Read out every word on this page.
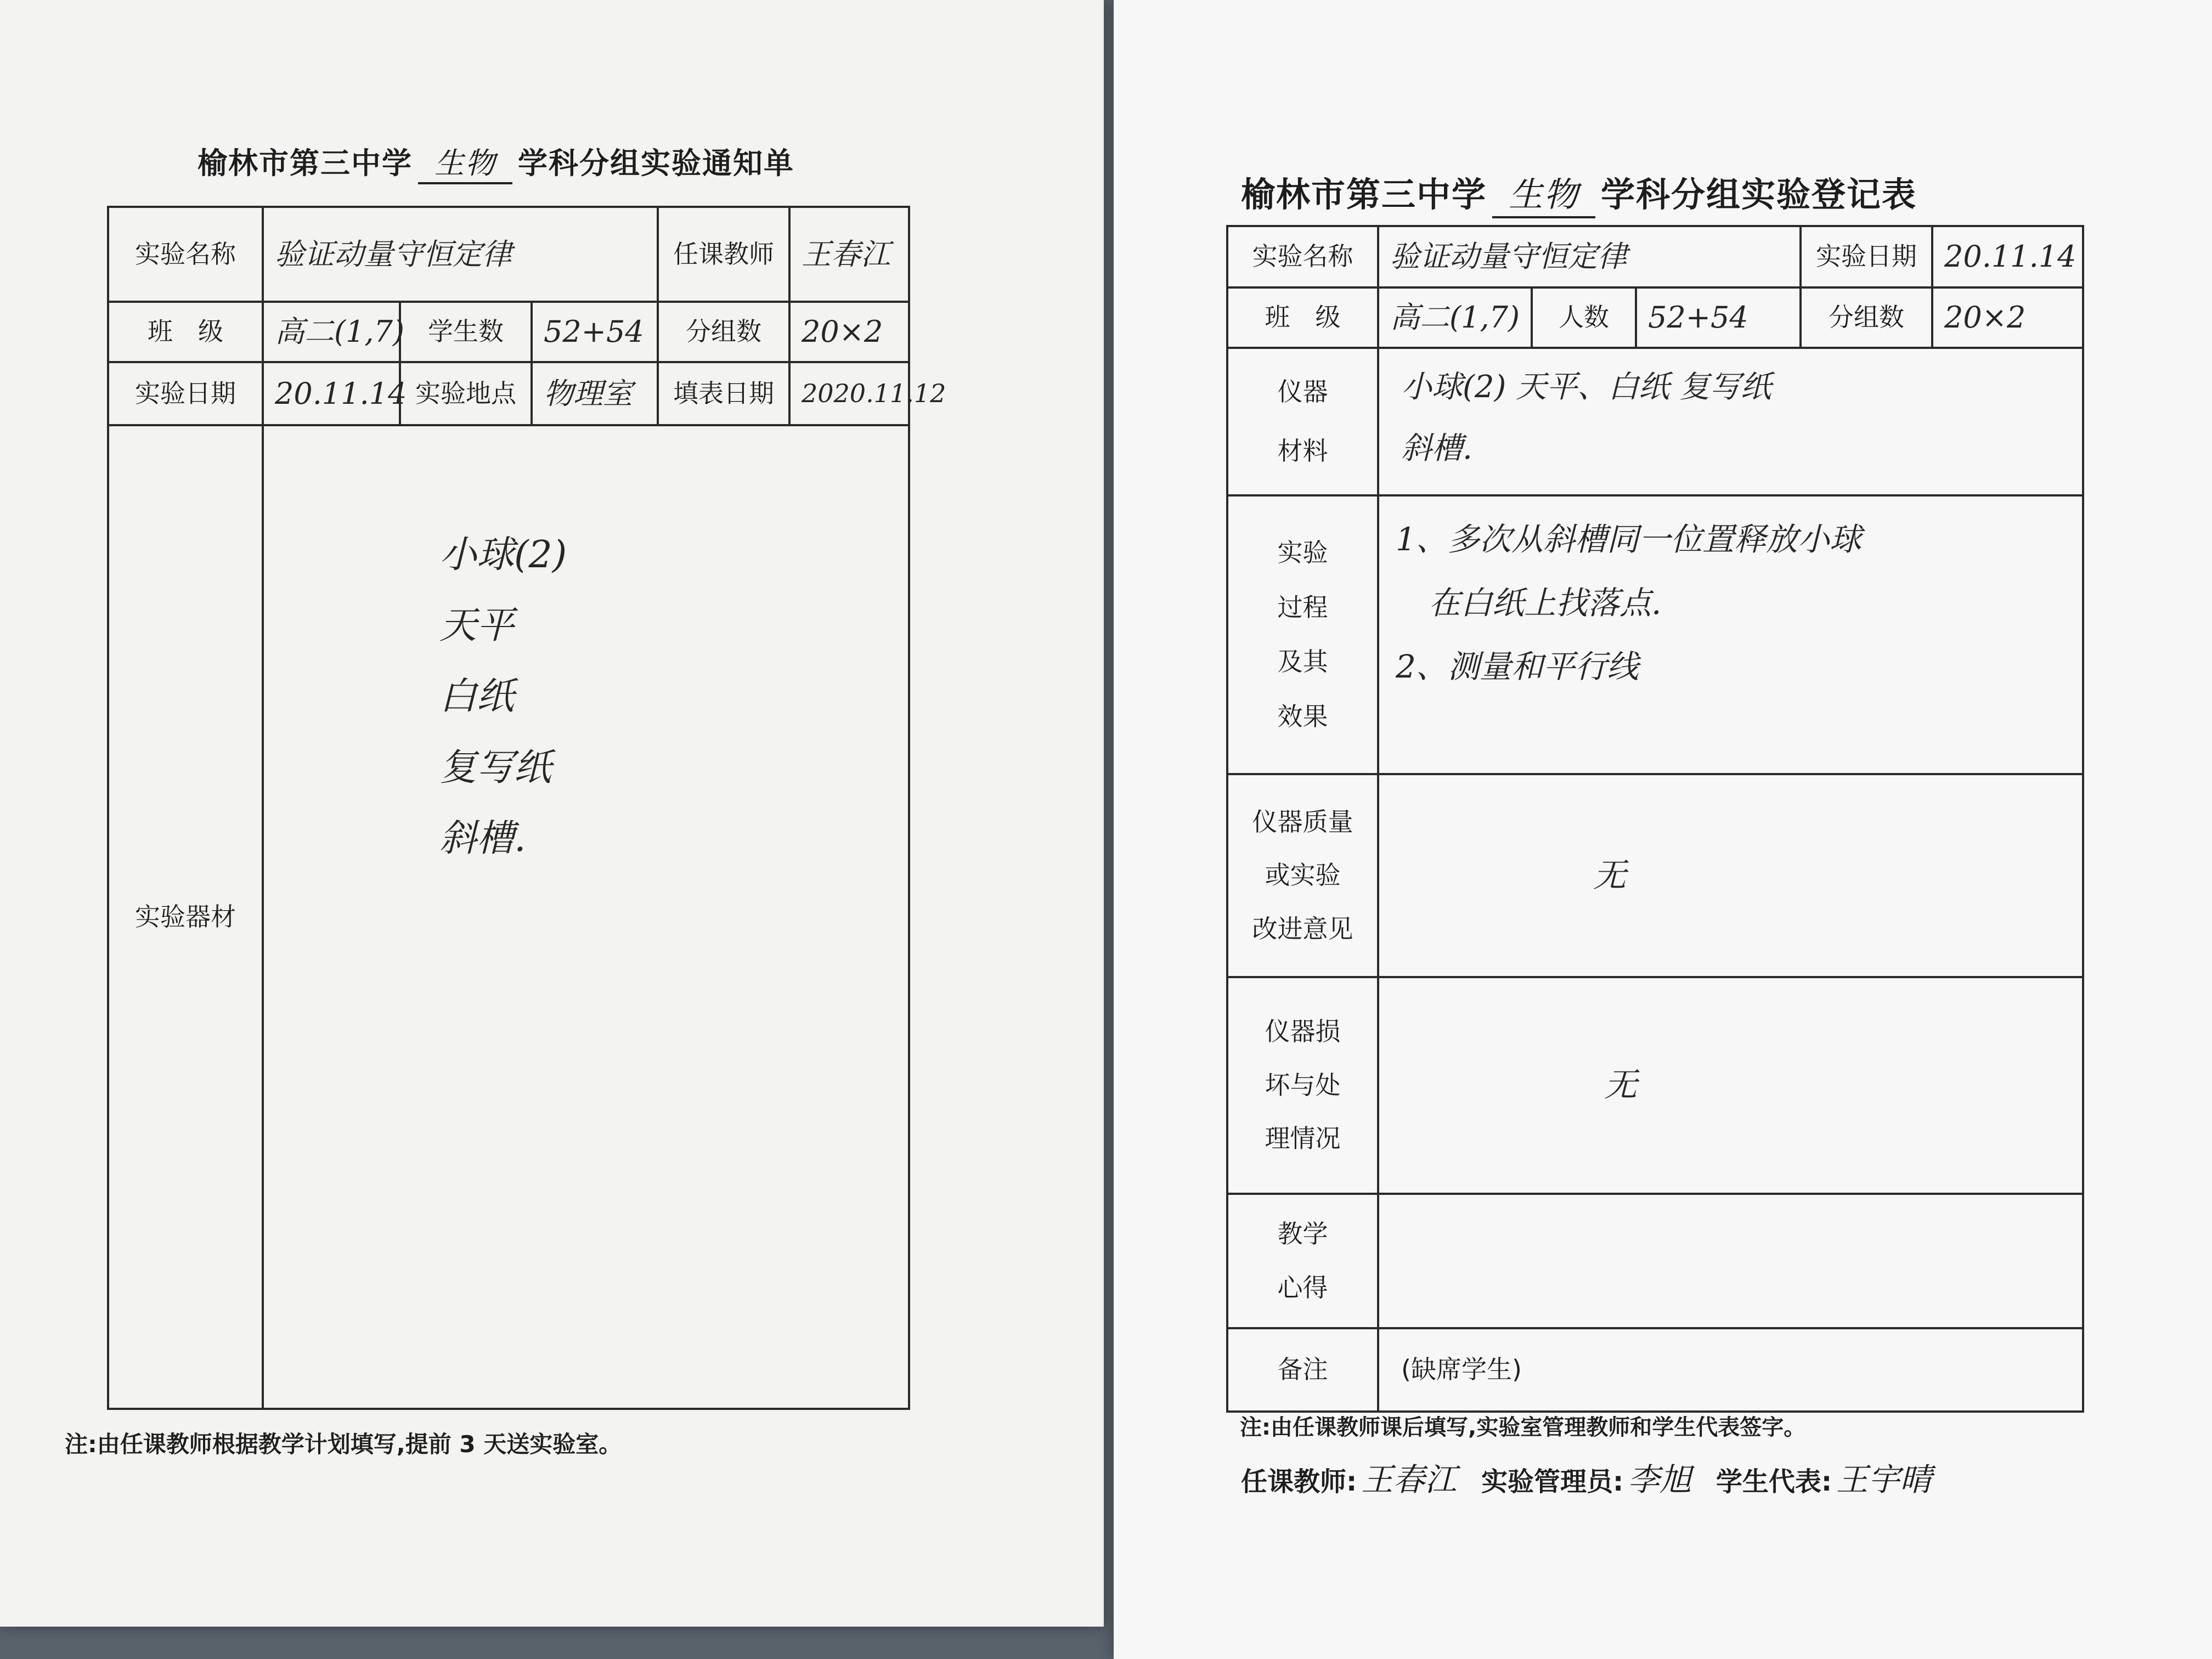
榆林市第三中学 生物 学科分组实验通知单
实验名称	验证动量守恒定律			任课教师	王春江
班　级	高二(1,7)	学生数	52+54	分组数	20×2
实验日期	20.11.14	实验地点	物理室	填表日期	2020.11.12
实验器材	小球(2)
天平
白纸
复写纸
斜槽.				
注:由任课教师根据教学计划填写,提前 3 天送实验室。
榆林市第三中学 生物 学科分组实验登记表
实验名称	验证动量守恒定律			实验日期	20.11.14
班　级	高二(1,7)	人数	52+54	分组数	20×2

仪器
材料	小球(2) 天平、白纸 复写纸
斜槽.				

实验
过程
及其
效果	1、多次从斜槽同一位置释放小球
在白纸上找落点.
2、测量和平行线				

仪器质量
或实验
改进意见	无				

仪器损
坏与处
理情况	无				

教学
心得					

备注	(缺席学生)				
注:由任课教师课后填写,实验室管理教师和学生代表签字。
任课教师: 王春江 实验管理员: 李旭 学生代表: 王宇晴
